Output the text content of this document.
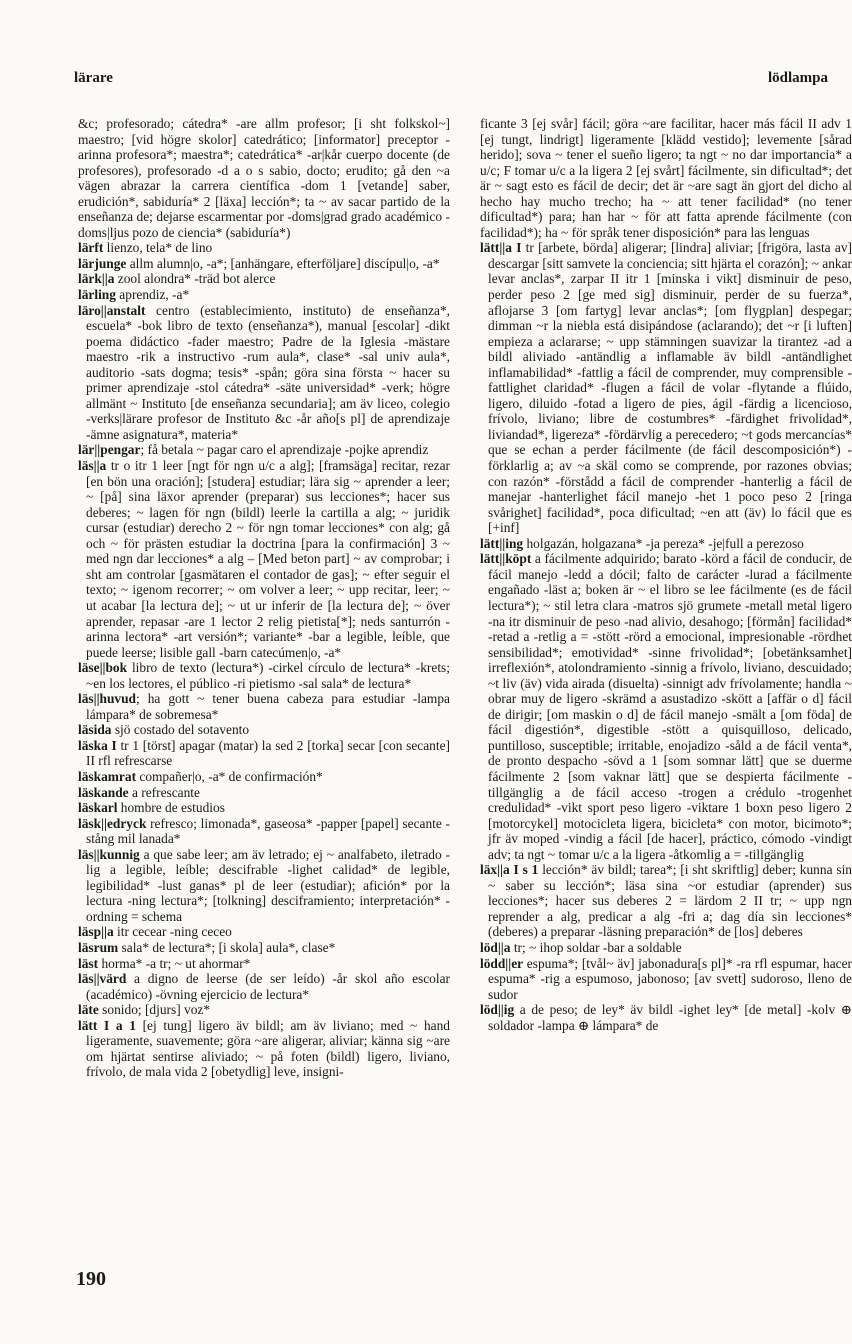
lärare	lödlampa

&c; profesorado; cátedra* -are allm profesor; [i sht folkskol~] maestro; [vid högre skolor] catedrático; [informator] preceptor -arinna profesora*; maestra*; catedrática* -ar|kår cuerpo docente (de profesores), profesorado -d a o s sabio, docto; erudito; gå den ~a vägen abrazar la carrera científica -dom 1 [vetande] saber, erudición*, sabiduría* 2 [läxa] lección*; ta ~ av sacar partido de la enseñanza de; dejarse escarmentar por -doms|grad grado académico -doms|ljus pozo de ciencia* (sabiduría*)

lärft lienzo, tela* de lino

lärjunge allm alumn|o, -a*; [anhängare, efterföljare] discípul|o, -a*

lärk||a zool alondra* -träd bot alerce

lärling aprendiz, -a*

läro||anstalt centro (establecimiento, instituto) de enseñanza*, escuela* -bok libro de texto (enseñanza*), manual [escolar] -dikt poema didáctico -fader maestro; Padre de la Iglesia -mästare maestro -rik a instructivo -rum aula*, clase* -sal univ aula*, auditorio -sats dogma; tesis* -spån; göra sina första ~ hacer su primer aprendizaje -stol cátedra* -säte universidad* -verk; högre allmänt ~ Instituto [de enseñanza secundaria]; am äv liceo, colegio -verks|lärare profesor de Instituto &c -år año[s pl] de aprendizaje -ämne asignatura*, materia*

lär||pengar; få betala ~ pagar caro el aprendizaje -pojke aprendiz

läs||a tr o itr 1 leer [ngt för ngn u/c a alg]; [framsäga] recitar, rezar [en bön una oración]; [studera] estudiar; lära sig ~ aprender a leer; ~ [på] sina läxor aprender (preparar) sus lecciones*; hacer sus deberes; ~ lagen för ngn (bildl) leerle la cartilla a alg; ~ juridik cursar (estudiar) derecho 2 ~ för ngn tomar lecciones* con alg; gå och ~ för prästen estudiar la doctrina [para la confirmación] 3 ~ med ngn dar lecciones* a alg – [Med beton part] ~ av comprobar; i sht am controlar [gasmätaren el contador de gas]; ~ efter seguir el texto; ~ igenom recorrer; ~ om volver a leer; ~ upp recitar, leer; ~ ut acabar [la lectura de]; ~ ut ur inferir de [la lectura de]; ~ över aprender, repasar -are 1 lector 2 relig pietista[*]; neds santurrón -arinna lectora* -art versión*; variante* -bar a legible, leíble, que puede leerse; lisible gall -barn catecúmen|o, -a*

läse||bok libro de texto (lectura*) -cirkel círculo de lectura* -krets; ~en los lectores, el público -ri pietismo -sal sala* de lectura*

läs||huvud; ha gott ~ tener buena cabeza para estudiar -lampa lámpara* de sobremesa*

läsida sjö costado del sotavento

läska I tr 1 [törst] apagar (matar) la sed 2 [torka] secar [con secante] II rfl refrescarse

läskamrat compañer|o, -a* de confirmación*

läskande a refrescante

läskarl hombre de estudios

läsk||edryck refresco; limonada*, gaseosa* -papper [papel] secante -stång mil lanada*

läs||kunnig a que sabe leer; am äv letrado; ej ~ analfabeto, iletrado -lig a legible, leíble; descifrable -lighet calidad* de legible, legibilidad* -lust ganas* pl de leer (estudiar); afición* por la lectura -ning lectura*; [tolkning] desciframiento; interpretación* -ordning = schema

läsp||a itr cecear -ning ceceo

läsrum sala* de lectura*; [i skola] aula*, clase*

läst horma* -a tr; ~ ut ahormar*

läs||värd a digno de leerse (de ser leído) -år skol año escolar (académico) -övning ejercicio de lectura*

läte sonido; [djurs] voz*

lätt I a 1 [ej tung] ligero äv bildl; am äv liviano; med ~ hand ligeramente, suavemente; göra ~are aligerar, aliviar; känna sig ~are om hjärtat sentirse aliviado; ~ på foten (bildl) ligero, liviano, frívolo, de mala vida 2 [obetydlig] leve, insigni-

ficante 3 [ej svår] fácil; göra ~are facilitar, hacer más fácil II adv 1 [ej tungt, lindrigt] ligeramente [klädd vestido]; levemente [sårad herido]; sova ~ tener el sueño ligero; ta ngt ~ no dar importancia* a u/c; F tomar u/c a la ligera 2 [ej svårt] fácilmente, sin dificultad*; det är ~ sagt esto es fácil de decir; det är ~are sagt än gjort del dicho al hecho hay mucho trecho; ha ~ att tener facilidad* (no tener dificultad*) para; han har ~ för att fatta aprende fácilmente (con facilidad*); ha ~ för språk tener disposición* para las lenguas

lätt||a I tr [arbete, börda] aligerar; [lindra] aliviar; [frigöra, lasta av] descargar [sitt samvete la conciencia; sitt hjärta el corazón]; ~ ankar levar anclas*, zarpar II itr 1 [minska i vikt] disminuir de peso, perder peso 2 [ge med sig] disminuir, perder de su fuerza*, aflojarse 3 [om fartyg] levar anclas*; [om flygplan] despegar; dimman ~r la niebla está disipándose (aclarando); det ~r [i luften] empieza a aclararse; ~ upp stämningen suavizar la tirantez -ad a bildl aliviado -antändlig a inflamable äv bildl -antändlighet inflamabilidad* -fattlig a fácil de comprender, muy comprensible -fattlighet claridad* -flugen a fácil de volar -flytande a flúido, ligero, diluido -fotad a ligero de pies, ágil -färdig a licencioso, frívolo, liviano; libre de costumbres* -färdighet frivolidad*, liviandad*, ligereza* -fördärvlig a perecedero; ~t gods mercancías* que se echan a perder fácilmente (de fácil descomposición*) -förklarlig a; av ~a skäl como se comprende, por razones obvias; con razón* -förstådd a fácil de comprender -hanterlig a fácil de manejar -hanterlighet fácil manejo -het 1 poco peso 2 [ringa svårighet] facilidad*, poca dificultad; ~en att (äv) lo fácil que es [+inf]

lätt||ing holgazán, holgazana* -ja pereza* -je|full a perezoso

lätt||köpt a fácilmente adquirido; barato -körd a fácil de conducir, de fácil manejo -ledd a dócil; falto de carácter -lurad a fácilmente engañado -läst a; boken är ~ el libro se lee fácilmente (es de fácil lectura*); ~ stil letra clara -matros sjö grumete -metall metal ligero -na itr disminuir de peso -nad alivio, desahogo; [förmån] facilidad* -retad a -retlig a = -stött -rörd a emocional, impresionable -rördhet sensibilidad*; emotividad* -sinne frivolidad*; [obetänksamhet] irreflexión*, atolondramiento -sinnig a frívolo, liviano, descuidado; ~t liv (äv) vida airada (disuelta) -sinnigt adv frívolamente; handla ~ obrar muy de ligero -skrämd a asustadizo -skött a [affär o d] fácil de dirigir; [om maskin o d] de fácil manejo -smält a [om föda] de fácil digestión*, digestible -stött a quisquilloso, delicado, puntilloso, susceptible; irritable, enojadizo -såld a de fácil venta*, de pronto despacho -sövd a 1 [som somnar lätt] que se duerme fácilmente 2 [som vaknar lätt] que se despierta fácilmente -tillgänglig a de fácil acceso -trogen a crédulo -trogenhet credulidad* -vikt sport peso ligero -viktare 1 boxn peso ligero 2 [motorcykel] motocicleta ligera, bicicleta* con motor, bicimoto*; jfr äv moped -vindig a fácil [de hacer], práctico, cómodo -vindigt adv; ta ngt ~ tomar u/c a la ligera -åtkomlig a = -tillgänglig

läx||a I s 1 lección* äv bildl; tarea*; [i sht skriftlig] deber; kunna sin ~ saber su lección*; läsa sina ~or estudiar (aprender) sus lecciones*; hacer sus deberes 2 = lärdom 2 II tr; ~ upp ngn reprender a alg, predicar a alg -fri a; dag día sin lecciones* (deberes) a preparar -läsning preparación* de [los] deberes

löd||a tr; ~ ihop soldar -bar a soldable

lödd||er espuma*; [tvål~ äv] jabonadura[s pl]* -ra rfl espumar, hacer espuma* -rig a espumoso, jabonoso; [av svett] sudoroso, lleno de sudor

löd||ig a de peso; de ley* äv bildl -ighet ley* [de metal] -kolv ⊕ soldador -lampa ⊕ lámpara* de

190
